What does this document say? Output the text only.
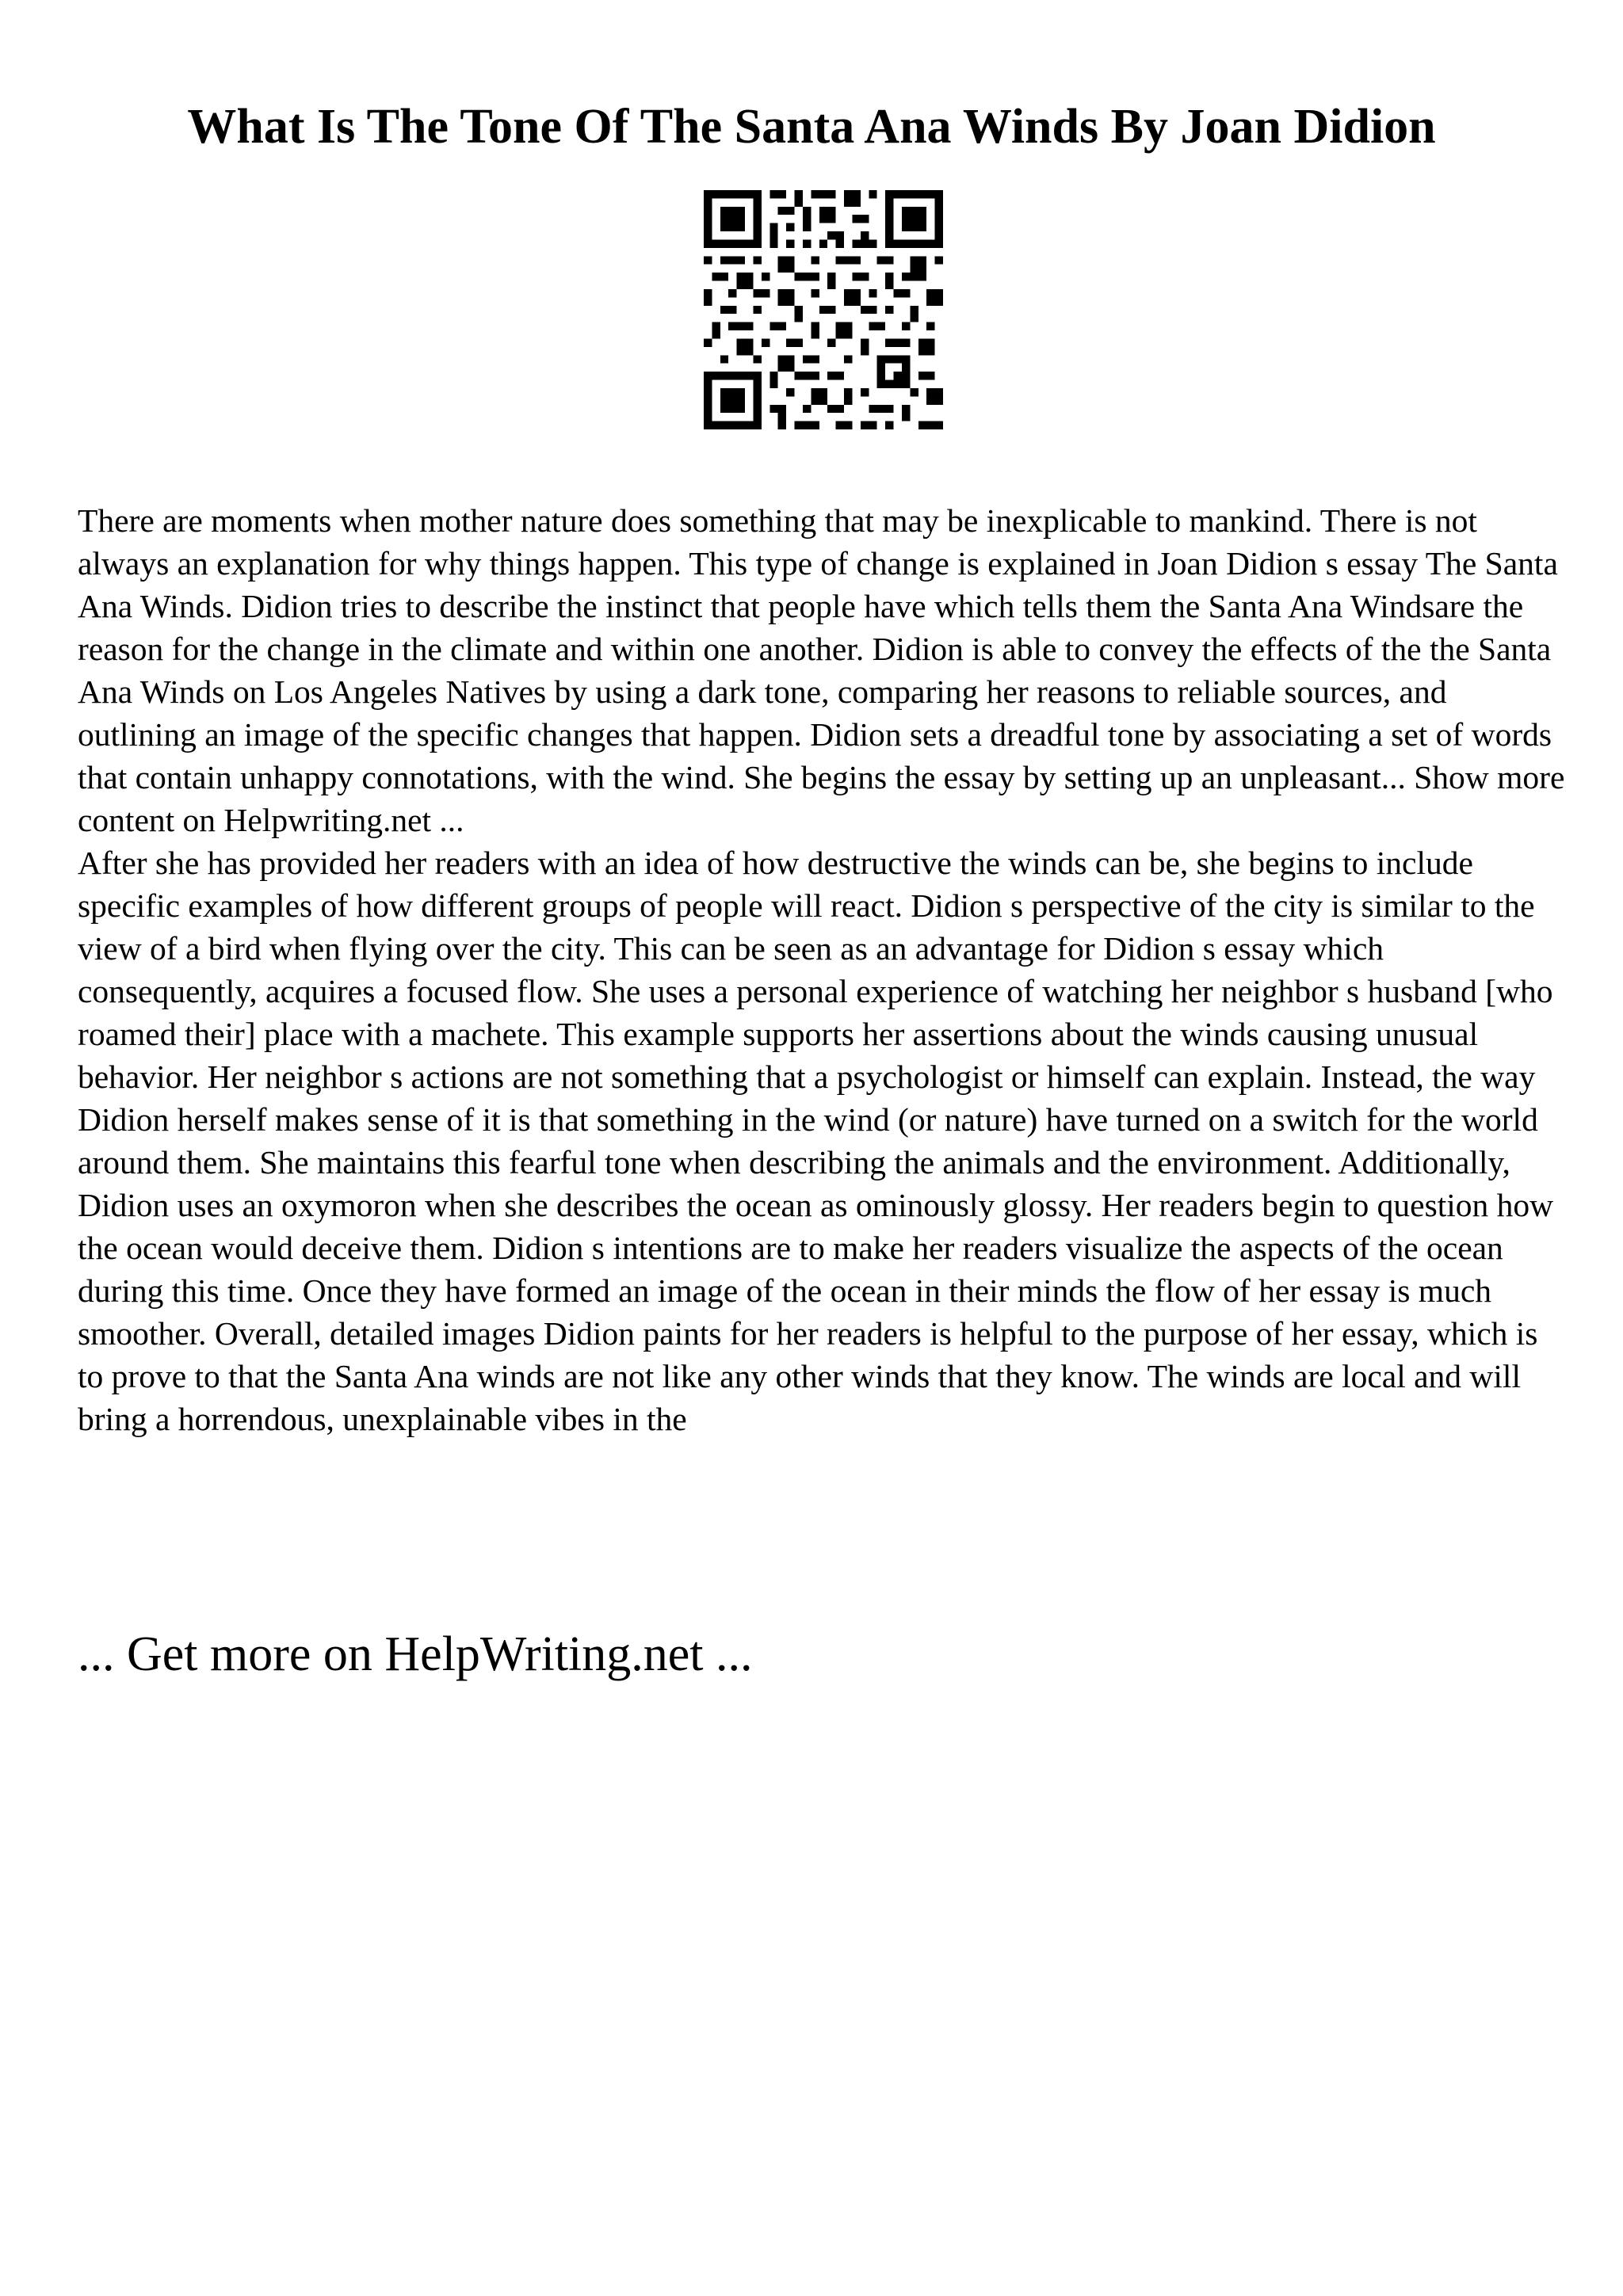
What Is The Tone Of The Santa Ana Winds By Joan Didion

There are moments when mother nature does something that may be inexplicable to mankind. There is not always an explanation for why things happen. This type of change is explained in Joan Didion s essay The Santa Ana Winds. Didion tries to describe the instinct that people have which tells them the Santa Ana Windsare the reason for the change in the climate and within one another. Didion is able to convey the effects of the the Santa Ana Winds on Los Angeles Natives by using a dark tone, comparing her reasons to reliable sources, and outlining an image of the specific changes that happen. Didion sets a dreadful tone by associating a set of words that contain unhappy connotations, with the wind. She begins the essay by setting up an unpleasant... Show more content on Helpwriting.net ...

After she has provided her readers with an idea of how destructive the winds can be, she begins to include specific examples of how different groups of people will react. Didion s perspective of the city is similar to the view of a bird when flying over the city. This can be seen as an advantage for Didion s essay which consequently, acquires a focused flow. She uses a personal experience of watching her neighbor s husband [who roamed their] place with a machete. This example supports her assertions about the winds causing unusual behavior. Her neighbor s actions are not something that a psychologist or himself can explain. Instead, the way Didion herself makes sense of it is that something in the wind (or nature) have turned on a switch for the world around them. She maintains this fearful tone when describing the animals and the environment. Additionally, Didion uses an oxymoron when she describes the ocean as ominously glossy. Her readers begin to question how the ocean would deceive them. Didion s intentions are to make her readers visualize the aspects of the ocean during this time. Once they have formed an image of the ocean in their minds the flow of her essay is much smoother. Overall, detailed images Didion paints for her readers is helpful to the purpose of her essay, which is to prove to that the Santa Ana winds are not like any other winds that they know. The winds are local and will bring a horrendous, unexplainable vibes in the

... Get more on HelpWriting.net ...
